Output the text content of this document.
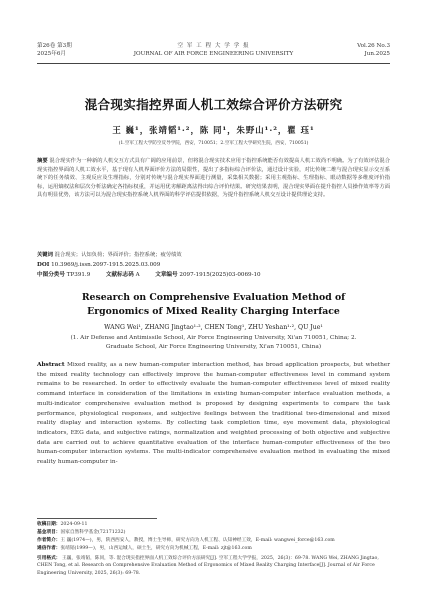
第26卷 第3期
2025年6月
空 军 工 程 大 学 学 报
JOURNAL OF AIR FORCE ENGINEERING UNIVERSITY
Vol.26 No.3
Jun.2025
混合现实指控界面人机工效综合评价方法研究
王 巍¹，张靖韬¹·²，陈 同¹，朱野山¹·²，瞿 珏¹
(1.空军工程大学防空反导学院，西安，710051；2.空军工程大学研究生院，西安，710051)
摘要 混合现实作为一种新的人机交互方式具有广阔的应用前景，但将混合现实技术应用于指控系统能否有效提高人机工效尚不明确。为了有效评估混合现实指控界面的人机工效水平，基于现有人机界面评价方法的局限性，提出了多指标综合评价法，通过设计实验，对比传统二维与混合现实显示交互系统下的任务绩效、主观反应及生理指标，分别对传统与混合现实界面进行测量，采集相关数据；采用主观指标、生理指标、眼动数据等多维度评价指标，运用熵权法和层次分析法确定各指标权重，并运用优劣解距离法得出综合评价结果。研究结果表明，混合现实界面在提升指控人员操作效率等方面具有明显优势，该方法可以为混合现实指控系统人机界面的科学评估提供依据，为提升指控系统人机交互设计提供理论支持。
关键词 混合现实；认知负荷；界面评价；指控系统；疲劳绩效
DOI 10.3969/j.issn.2097-1915.2025.03.009
中图分类号 TP391.9	文献标志码 A	文章编号 2097-1915(2025)03-0069-10
Research on Comprehensive Evaluation Method of Ergonomics of Mixed Reality Charging Interface
WANG Wei¹, ZHANG Jingtao¹·², CHEN Tong¹, ZHU Yeshan¹·², QU Jue¹
(1. Air Defense and Antimissile School, Air Force Engineering University, Xi'an 710051, China; 2. Graduate School, Air Force Engineering University, Xi'an 710051, China)
Abstract Mixed reality, as a new human-computer interaction method, has broad application prospects, but whether the mixed reality technology can effectively improve the human-computer effectiveness level in command system remains to be researched. In order to effectively evaluate the human-computer effectiveness level of mixed reality command interface in consideration of the limitations in existing human-computer interface evaluation methods, a multi-indicator comprehensive evaluation method is proposed by designing experiments to compare the task performance, physiological responses, and subjective feelings between the traditional two-dimensional and mixed reality display and interaction systems. By collecting task completion time, eye movement data, physiological indicators, EEG data, and subjective ratings, normalization and weighted processing of both objective and subjective data are carried out to achieve quantitative evaluation of the interface human-computer effectiveness of the two human-computer interaction systems. The multi-indicator comprehensive evaluation method in evaluating the mixed reality human-computer in-
收稿日期：2024-09-11
基金项目：国家自然科学基金(72171232)
作者简介：王 巍(1974—)，男，陕西西安人，教授，博士生导师，研究方向为人机工程、认知神经工效，E-mail: wangwei_force@163.com
通信作者：张靖韬(1999—)，男，山西运城人，硕士生，研究方向为机械工程，E-mail: zjt@163.com
引用格式： 王巍，张靖韬，陈同，等. 混合现实指控界面人机工效综合评价方法研究[J]. 空军工程大学学报，2025，26(3)：69-78. WANG Wei, ZHANG Jingtao, CHEN Tong, et al. Research on Comprehensive Evaluation Method of Ergonomics of Mixed Reality Charging Interface[J]. Journal of Air Force Engineering University, 2025, 26(3): 69-78.
